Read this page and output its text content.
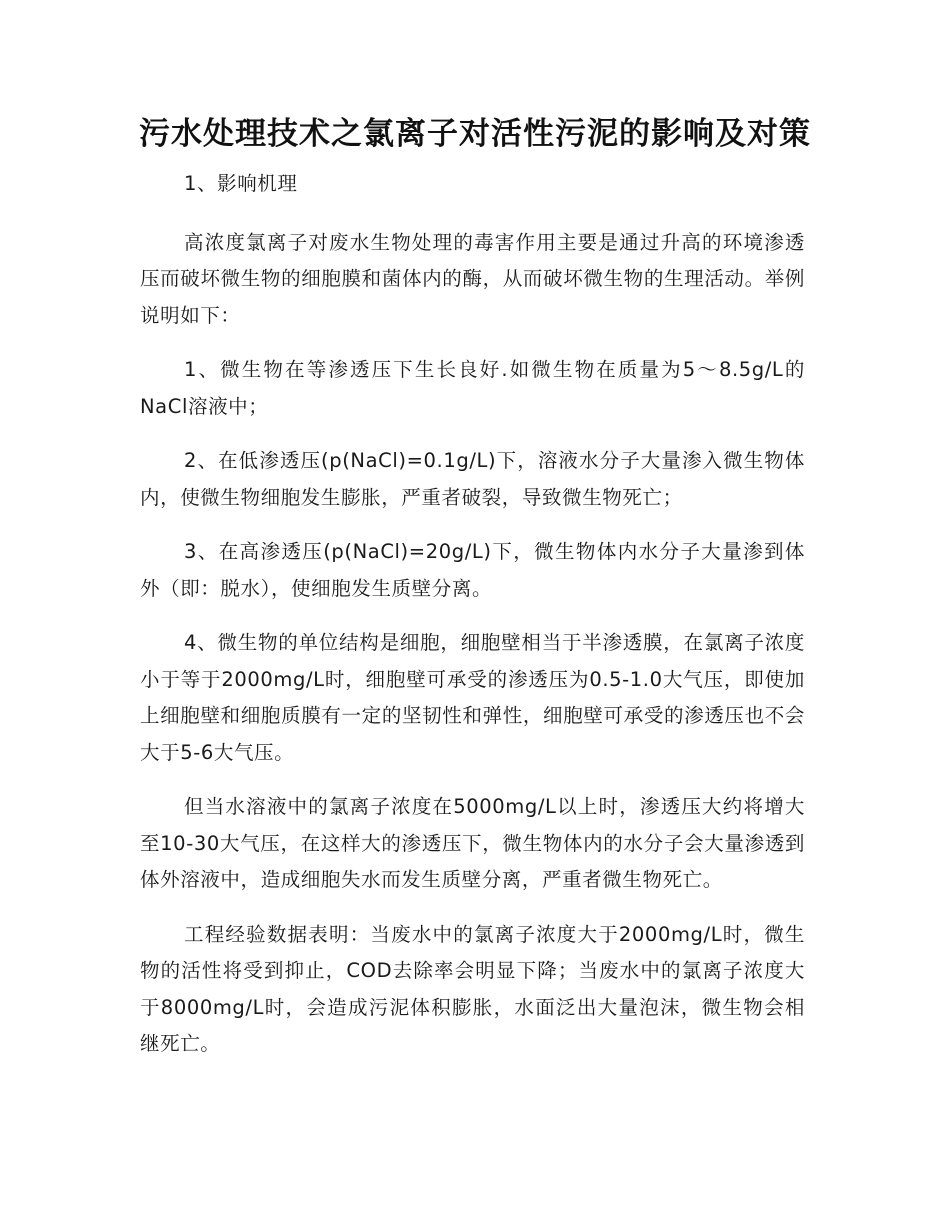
污水处理技术之氯离子对活性污泥的影响及对策

1、影响机理

高浓度氯离子对废水生物处理的毒害作用主要是通过升高的环境渗透压而破坏微生物的细胞膜和菌体内的酶，从而破坏微生物的生理活动。举例说明如下：

1、微生物在等渗透压下生长良好.如微生物在质量为5～8.5g/L的NaCl溶液中；

2、在低渗透压(p(NaCl)=0.1g/L)下，溶液水分子大量渗入微生物体内，使微生物细胞发生膨胀，严重者破裂，导致微生物死亡；

3、在高渗透压(p(NaCl)=20g/L)下，微生物体内水分子大量渗到体外（即：脱水），使细胞发生质壁分离。

4、微生物的单位结构是细胞，细胞壁相当于半渗透膜，在氯离子浓度小于等于2000mg/L时，细胞壁可承受的渗透压为0.5-1.0大气压，即使加上细胞壁和细胞质膜有一定的坚韧性和弹性，细胞壁可承受的渗透压也不会大于5-6大气压。

但当水溶液中的氯离子浓度在5000mg/L以上时，渗透压大约将增大至10-30大气压，在这样大的渗透压下，微生物体内的水分子会大量渗透到体外溶液中，造成细胞失水而发生质壁分离，严重者微生物死亡。

工程经验数据表明：当废水中的氯离子浓度大于2000mg/L时，微生物的活性将受到抑止，COD去除率会明显下降；当废水中的氯离子浓度大于8000mg/L时，会造成污泥体积膨胀，水面泛出大量泡沫，微生物会相继死亡。
